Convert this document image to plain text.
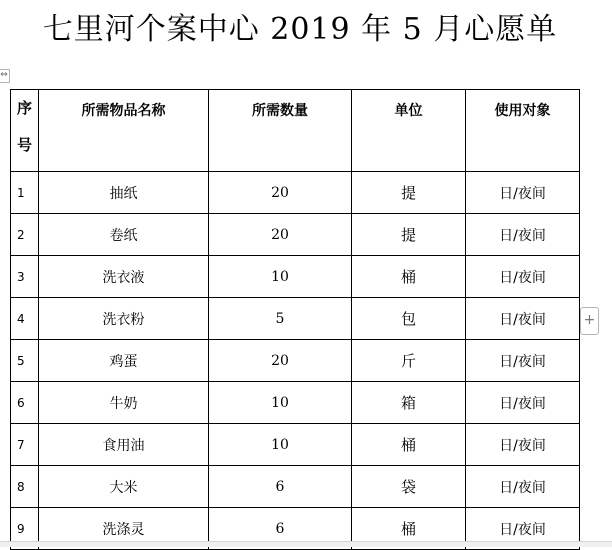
七里河个案中心 2019 年 5 月心愿单
⇔
序
号	所需物品名称	所需数量	单位	使用对象
1	抽纸	20	提	日/夜间
2	卷纸	20	提	日/夜间
3	洗衣液	10	桶	日/夜间
4	洗衣粉	5	包	日/夜间
5	鸡蛋	20	斤	日/夜间
6	牛奶	10	箱	日/夜间
7	食用油	10	桶	日/夜间
8	大米	6	袋	日/夜间
9	洗涤灵	6	桶	日/夜间
+
